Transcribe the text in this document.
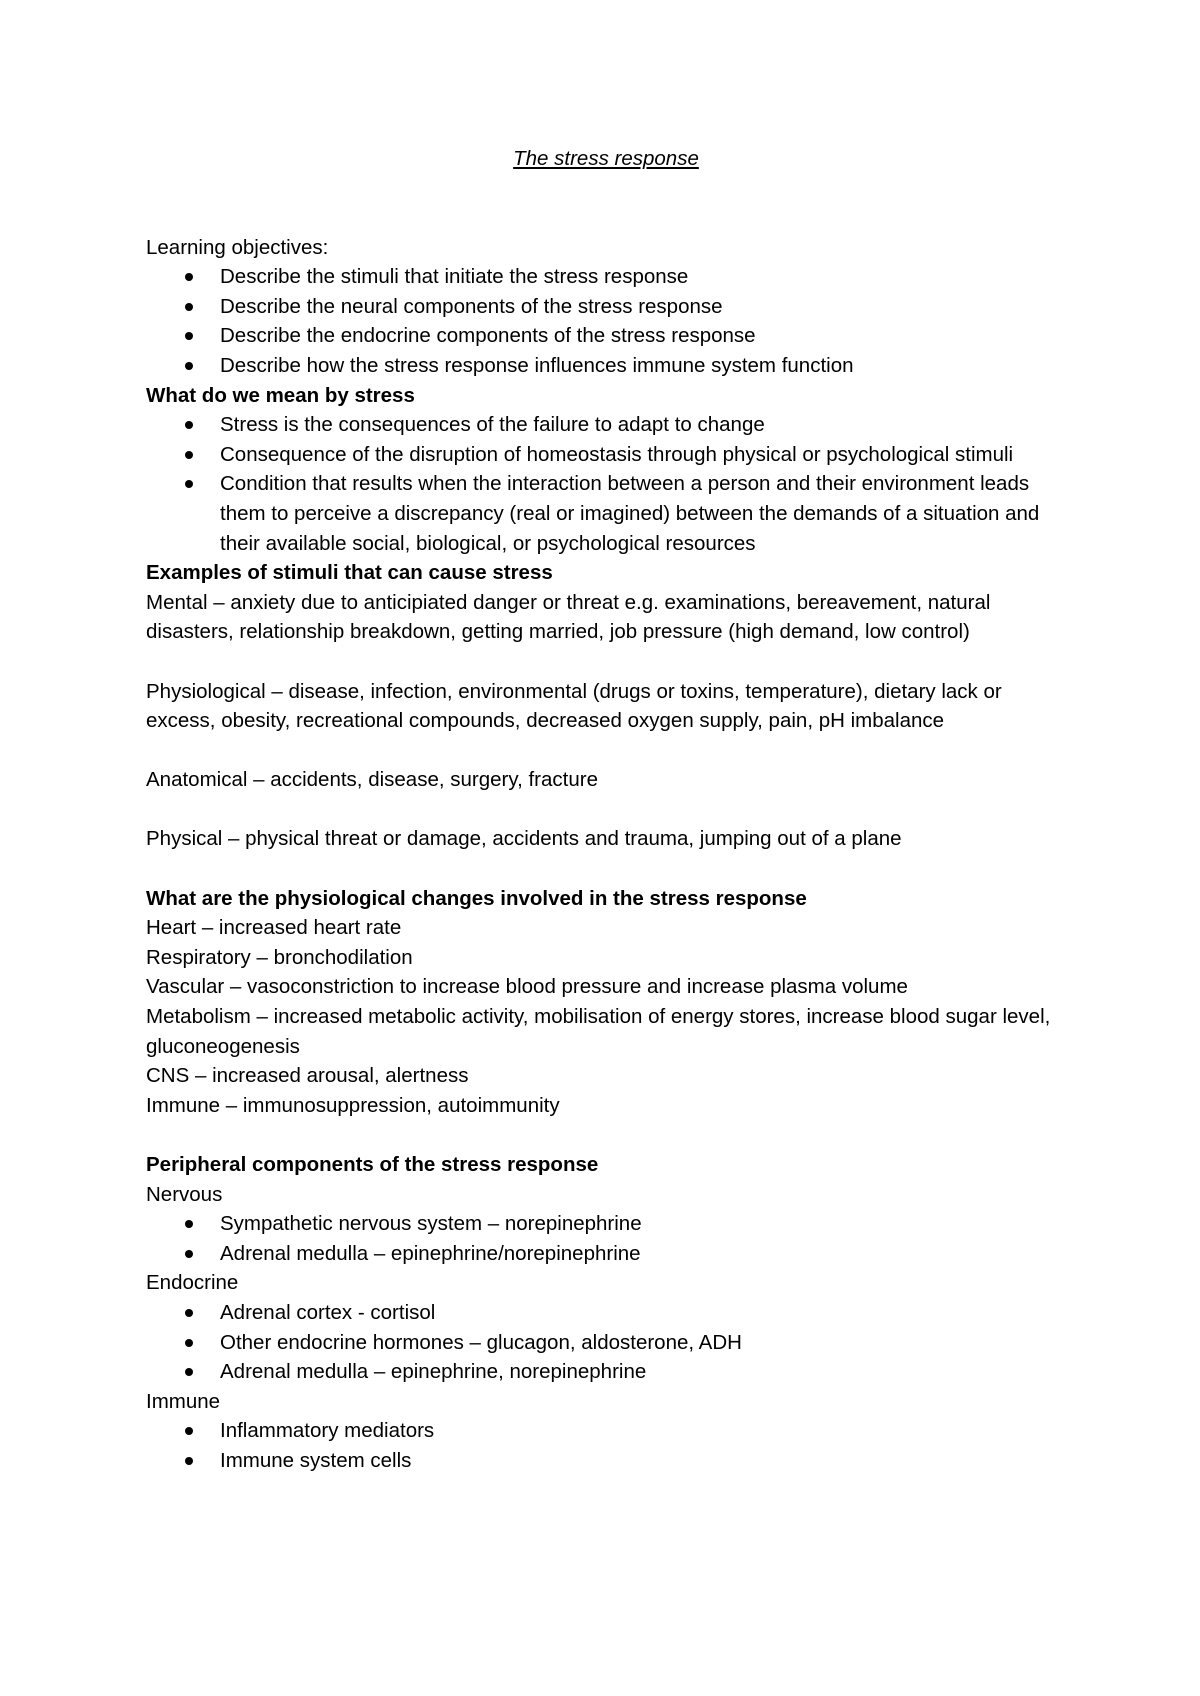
The stress response

Learning objectives:

Describe the stimuli that initiate the stress response
Describe the neural components of the stress response
Describe the endocrine components of the stress response
Describe how the stress response influences immune system function
What do we mean by stress
Stress is the consequences of the failure to adapt to change
Consequence of the disruption of homeostasis through physical or psychological stimuli
Condition that results when the interaction between a person and their environment leads them to perceive a discrepancy (real or imagined) between the demands of a situation and their available social, biological, or psychological resources
Examples of stimuli that can cause stress

Mental – anxiety due to anticipiated danger or threat e.g. examinations, bereavement, natural disasters, relationship breakdown, getting married, job pressure (high demand, low control)

Physiological – disease, infection, environmental (drugs or toxins, temperature), dietary lack or excess, obesity, recreational compounds, decreased oxygen supply, pain, pH imbalance

Anatomical – accidents, disease, surgery, fracture

Physical – physical threat or damage, accidents and trauma, jumping out of a plane

What are the physiological changes involved in the stress response

Heart – increased heart rate

Respiratory – bronchodilation

Vascular – vasoconstriction to increase blood pressure and increase plasma volume

Metabolism – increased metabolic activity, mobilisation of energy stores, increase blood sugar level, gluconeogenesis

CNS – increased arousal, alertness

Immune – immunosuppression, autoimmunity

Peripheral components of the stress response

Nervous

Sympathetic nervous system – norepinephrine
Adrenal medulla – epinephrine/norepinephrine

Endocrine

Adrenal cortex - cortisol
Other endocrine hormones – glucagon, aldosterone, ADH
Adrenal medulla – epinephrine, norepinephrine

Immune

Inflammatory mediators
Immune system cells
